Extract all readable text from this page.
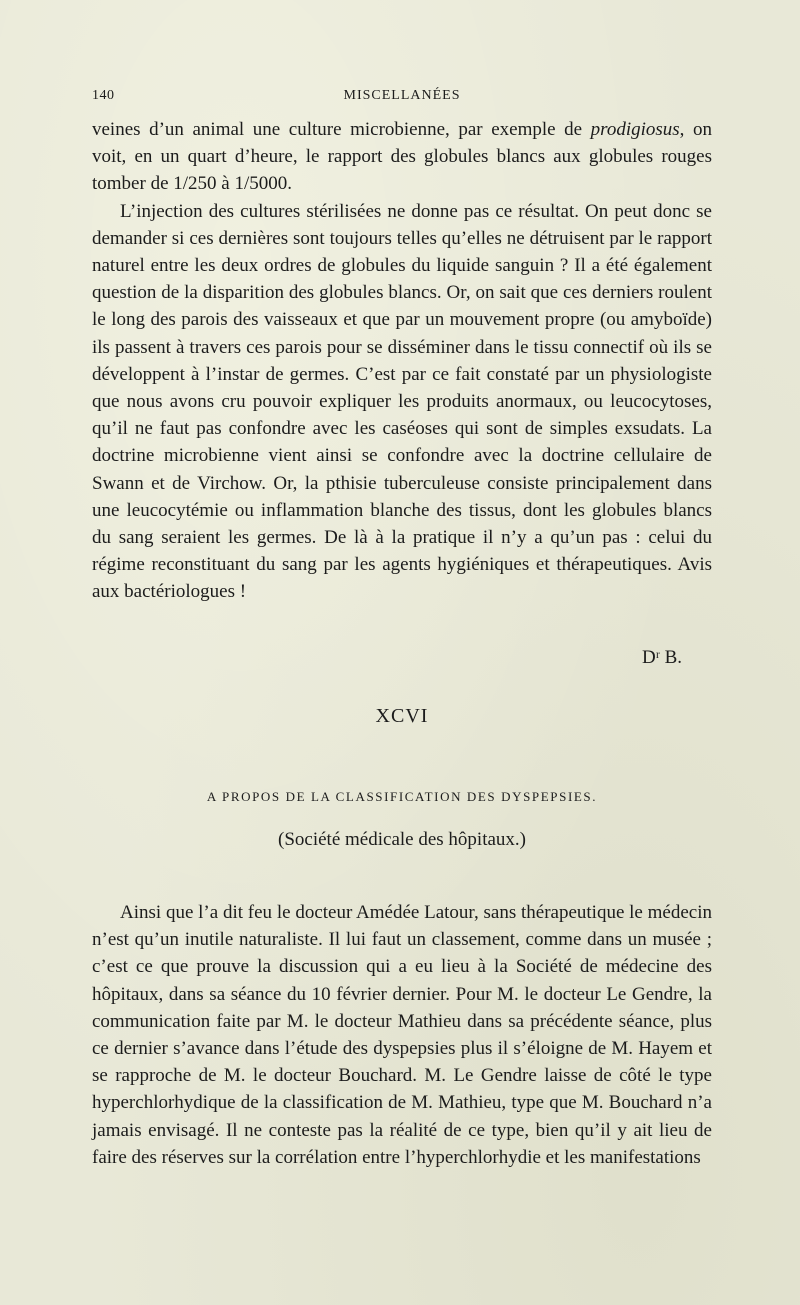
140	MISCELLANÉES

veines d’un animal une culture microbienne, par exemple de prodigiosus, on voit, en un quart d’heure, le rapport des globules blancs aux globules rouges tomber de 1/250 à 1/5000.

L’injection des cultures stérilisées ne donne pas ce résultat. On peut donc se demander si ces dernières sont toujours telles qu’elles ne détruisent par le rapport naturel entre les deux ordres de globules du liquide sanguin ? Il a été également question de la disparition des globules blancs. Or, on sait que ces derniers roulent le long des parois des vaisseaux et que par un mouvement propre (ou amyboïde) ils passent à travers ces parois pour se disséminer dans le tissu connectif où ils se développent à l’instar de germes. C’est par ce fait constaté par un physiologiste que nous avons cru pouvoir expliquer les produits anormaux, ou leucocytoses, qu’il ne faut pas confondre avec les caséoses qui sont de simples exsudats. La doctrine microbienne vient ainsi se confondre avec la doctrine cellulaire de Swann et de Virchow. Or, la pthisie tuberculeuse consiste principalement dans une leucocytémie ou inflammation blanche des tissus, dont les globules blancs du sang seraient les germes. De là à la pratique il n’y a qu’un pas : celui du régime reconstituant du sang par les agents hygiéniques et thérapeutiques. Avis aux bactériologues !

Dʳ B.
XCVI
A PROPOS DE LA CLASSIFICATION DES DYSPEPSIES.
(Société médicale des hôpitaux.)

Ainsi que l’a dit feu le docteur Amédée Latour, sans thérapeutique le médecin n’est qu’un inutile naturaliste. Il lui faut un classement, comme dans un musée ; c’est ce que prouve la discussion qui a eu lieu à la Société de médecine des hôpitaux, dans sa séance du 10 février dernier. Pour M. le docteur Le Gendre, la communication faite par M. le docteur Mathieu dans sa précédente séance, plus ce dernier s’avance dans l’étude des dyspepsies plus il s’éloigne de M. Hayem et se rapproche de M. le docteur Bouchard. M. Le Gendre laisse de côté le type hyperchlorhydique de la classification de M. Mathieu, type que M. Bouchard n’a jamais envisagé. Il ne conteste pas la réalité de ce type, bien qu’il y ait lieu de faire des réserves sur la corrélation entre l’hyperchlorhydie et les manifestations
